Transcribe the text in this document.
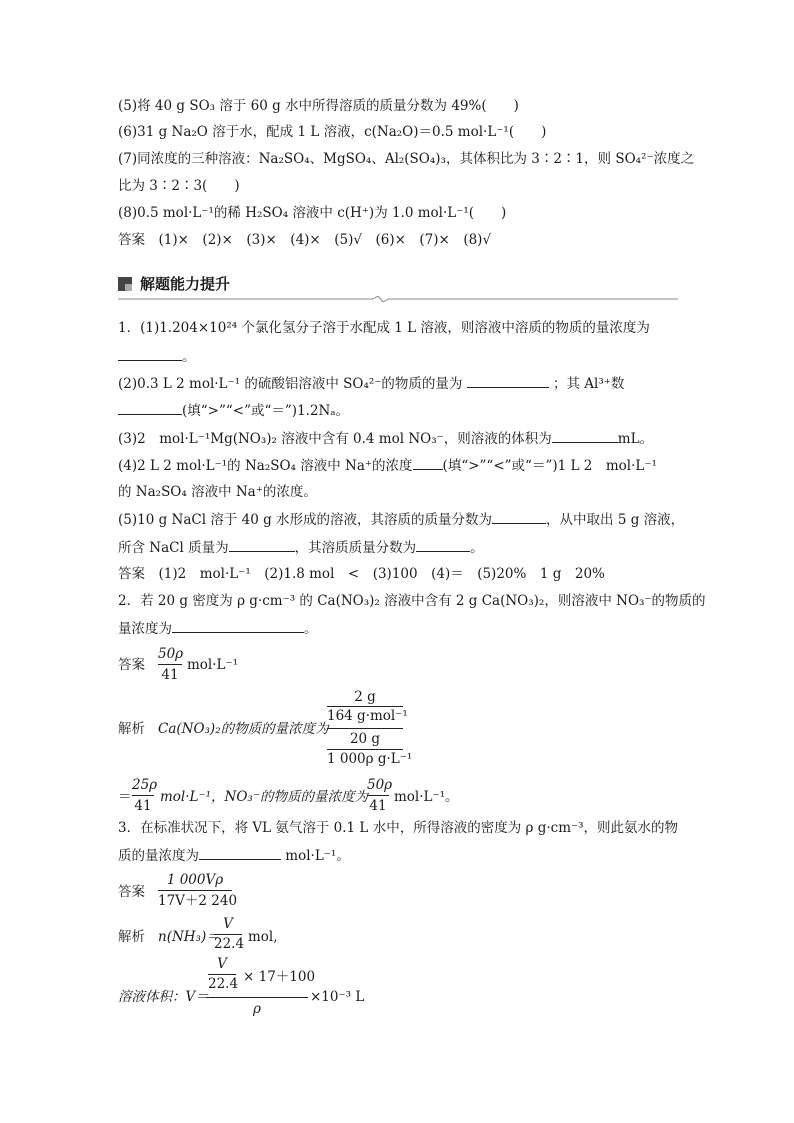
(5)将 40 g SO₃ 溶于 60 g 水中所得溶质的质量分数为 49%(　　)
(6)31 g Na₂O 溶于水，配成 1 L 溶液，c(Na₂O)＝0.5 mol·L⁻¹(　　)
(7)同浓度的三种溶液：Na₂SO₄、MgSO₄、Al₂(SO₄)₃，其体积比为 3∶2∶1，则 SO₄²⁻浓度之
比为 3∶2∶3(　　)
(8)0.5 mol·L⁻¹的稀 H₂SO₄ 溶液中 c(H⁺)为 1.0 mol·L⁻¹(　　)
答案　(1)×　(2)×　(3)×　(4)×　(5)√　(6)×　(7)×　(8)√
解题能力提升
1．(1)1.204×10²⁴ 个氯化氢分子溶于水配成 1 L 溶液，则溶液中溶质的物质的量浓度为
。
(2)0.3 L 2 mol·L⁻¹ 的硫酸铝溶液中 SO₄²⁻的物质的量为	；其 Al³⁺数
(填“>”“<”或“＝”)1.2Nₐ。
(3)2　mol·L⁻¹Mg(NO₃)₂ 溶液中含有 0.4 mol NO₃⁻，则溶液的体积为	mL。
(4)2 L 2 mol·L⁻¹的 Na₂SO₄ 溶液中 Na⁺的浓度 (填“>”“<”或“＝”)1 L 2　mol·L⁻¹
的 Na₂SO₄ 溶液中 Na⁺的浓度。
(5)10 g NaCl 溶于 40 g 水形成的溶液，其溶质的质量分数为	，从中取出 5 g 溶液，
所含 NaCl 质量为	，其溶质质量分数为	。
答案　(1)2　mol·L⁻¹　(2)1.8 mol　<　(3)100　(4)＝　(5)20%　1 g　20%
2．若 20 g 密度为 ρ g·cm⁻³ 的 Ca(NO₃)₂ 溶液中含有 2 g Ca(NO₃)₂，则溶液中 NO₃⁻的物质的
量浓度为	。
答案
50ρ
41
mol·L⁻¹
解析 Ca(NO₃)₂的物质的量浓度为
2 g
164 g·mol⁻¹
20 g
1 000ρ g·L⁻¹
＝
25ρ
41
mol·L⁻¹，NO₃⁻的物质的量浓度为
50ρ
41
mol·L⁻¹。
3．在标准状况下，将 VL 氨气溶于 0.1 L 水中，所得溶液的密度为 ρ g·cm⁻³，则此氨水的物
质的量浓度为	mol·L⁻¹。
答案
1 000Vρ
17V＋2 240
解析 n(NH₃)＝
V
22.4 mol,
溶液体积：V＝
V
22.4 × 17＋100
ρ
×10⁻³ L
